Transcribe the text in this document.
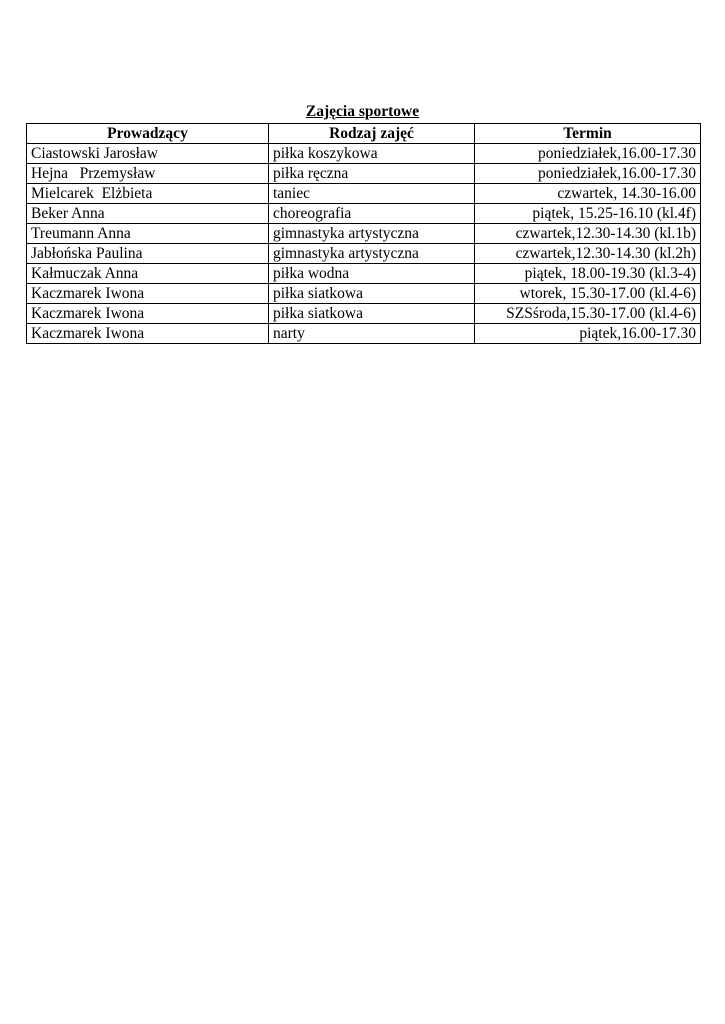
Zajęcia sportowe
Prowadzący	Rodzaj zajęć	Termin
Ciastowski Jarosław	piłka koszykowa	poniedziałek,16.00-17.30
Hejna   Przemysław	piłka ręczna	poniedziałek,16.00-17.30
Mielcarek  Elżbieta	taniec	czwartek, 14.30-16.00
Beker Anna	choreografia	piątek, 15.25-16.10 (kl.4f)
Treumann Anna	gimnastyka artystyczna	czwartek,12.30-14.30 (kl.1b)
Jabłońska Paulina	gimnastyka artystyczna	czwartek,12.30-14.30 (kl.2h)
Kałmuczak Anna	piłka wodna	piątek, 18.00-19.30 (kl.3-4)
Kaczmarek Iwona	piłka siatkowa	wtorek, 15.30-17.00 (kl.4-6)
Kaczmarek Iwona	piłka siatkowa	SZSśroda,15.30-17.00 (kl.4-6)
Kaczmarek Iwona	narty	piątek,16.00-17.30
